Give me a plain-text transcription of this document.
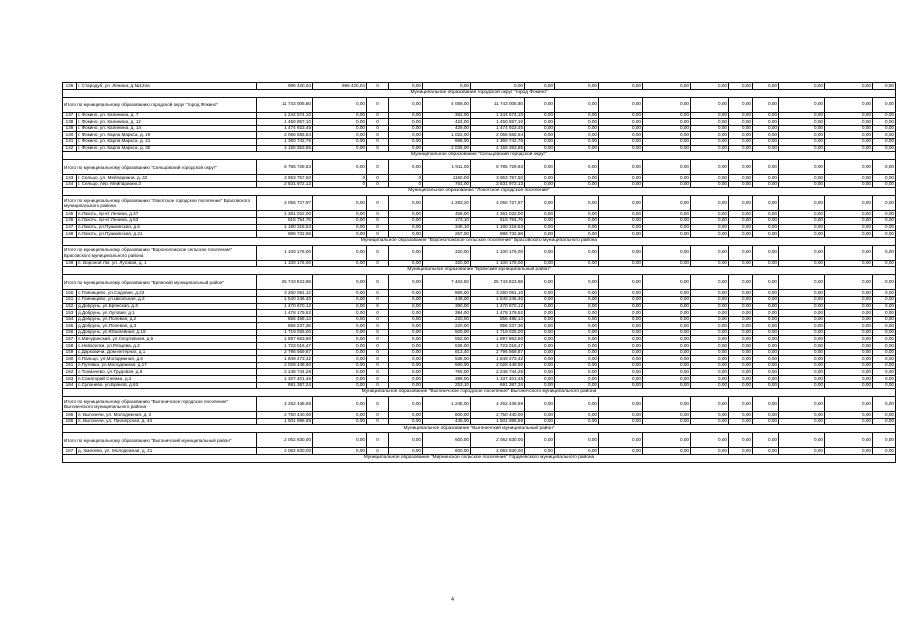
136	г. Стародуб, ул. Ленина, д.№124а	996 420,04	996 420,04	0	0,00	0,00	0,00	0,00	0,00	0,00	0,00	0,00	0,00	0,00	0,00	0,00	0,00
Муниципальное образование городской округ "город Фокино"																	
Итого по муниципальному образованию городской округ "город Фокино"		11 743 006,80	0,00	0	0,00	4 058,00	11 743 006,80	0,00	0,00	0,00	0,00	0,00	0,00	0,00	0,00	0,00	0,00
137	г. Фокино, ул. Калинина, д. 7	1 244 574,10	0,00	0	0,00	382,00	1 244 574,10	0,00	0,00	0,00	0,00	0,00	0,00	0,00	0,00	0,00	0,00
138	г. Фокино, ул. Калинина, д. 12	1 450 857,10	0,00	0	0,00	422,00	1 450 857,10	0,00	0,00	0,00	0,00	0,00	0,00	0,00	0,00	0,00	0,00
139	г. Фокино, ул. Калинина, д. 14	1 474 923,45	0,00	0	0,00	429,00	1 474 923,45	0,00	0,00	0,00	0,00	0,00	0,00	0,00	0,00	0,00	0,00
140	г. Фокино, ул. Карла Маркса, д. 19	2 056 555,54	0,00	0	0,00	1 022,00	2 056 555,54	0,00	0,00	0,00	0,00	0,00	0,00	0,00	0,00	0,00	0,00
141	г. Фокино, ул. Карла Маркса, д. 21	1 360 742,76	0,00	0	0,00	868,00	1 360 742,76	0,00	0,00	0,00	0,00	0,00	0,00	0,00	0,00	0,00	0,00
142	г. Фокино, ул. Карла Маркса, д. 30	4 155 353,85	0,00	0	0,00	2 035,00	4 155 353,85	0,00	0,00	0,00	0,00	0,00	0,00	0,00	0,00	0,00	0,00
Муниципальное образование "Сельцовский городской округ"																	
Итого по муниципальному образованию "Сельцовский городской округ"		6 785 729,63	0,00	0	0,00	1 911,00	6 785 729,63	0,00	0,00	0,00	0,00	0,00	0,00	0,00	0,00	0,00	0,00
143	г. Сельцо, ул. Мейпариани, д. 32	3 953 757,50	0	0	0	1150,00	3 953 757,50	0,00	0,00	0,00	0,00	0,00	0,00	0,00	0,00	0,00	0,00
144	г. Сельцо, пер. Мейпариани,3	2 831 972,13	0	0	0	761,00	2 831 972,13	0,00	0,00	0,00	0,00	0,00	0,00	0,00	0,00	0,00	0,00
Муниципальное образование "Локотское городское поселение"																	
Итого по муниципальному образованию "Локотское городское поселение" Брасовского муниципального района		4 055 727,97	0,00	0	0,00	1 283,20	4 055 727,97	0,00	0,00	0,00	0,00	0,00	0,00	0,00	0,00	0,00	0,00
145	п.Локоть, пр-кт Ленина, д.37	1 361 022,00	0,00	0	0,00	458,00	1 361 022,00	0,00	0,00	0,00	0,00	0,00	0,00	0,00	0,00	0,00	0,00
146	п.Локоть, пр-кт Ленина, д.53	615 754,76	0,00	0	0,00	173,10	615 754,76	0,00	0,00	0,00	0,00	0,00	0,00	0,00	0,00	0,00	0,00
147	п.Локоть, ул.Пушкинская, д.6	1 190 218,53	0,00	0	0,00	346,10	1 190 218,53	0,00	0,00	0,00	0,00	0,00	0,00	0,00	0,00	0,00	0,00
148	п.Локоть, ул.Пушкинская, д.21	888 732,68	0,00	0	0,00	267,00	888 732,68	0,00	0,00	0,00	0,00	0,00	0,00	0,00	0,00	0,00	0,00
Муниципальное образование "Вороноложское сельское поселение" Брасовского муниципального района																	
Итого по муниципальному образованию "Вороноложское сельское поселение" Брасовского муниципального района		1 100 176,00	0,00	0	0,00	320,00	1 100 176,00	0,00	0,00	0,00	0,00	0,00	0,00	0,00	0,00	0,00	0,00
149	п. Вороной Лог, ул. Луговая, д. 1	1 100 176,00	0,00	0	0,00	320,00	1 100 176,00	0,00	0,00	0,00	0,00	0,00	0,00	0,00	0,00	0,00	0,00
Муниципальное образование "Брянский муниципальный район"																	
Итого по муниципальному образованию "Брянский муниципальный район"		25 743 823,88	0,00	0	0,00	7 463,50	25 743 823,88	0,00	0,00	0,00	0,00	0,00	0,00	0,00	0,00	0,00	0,00
150	с.Глинищево, ул.Садовая, д.23	3 250 081,10	0,00	0	0,00	865,00	3 250 081,10	0,00	0,00	0,00	0,00	0,00	0,00	0,00	0,00	0,00	0,00
151	с.Глинищево, ул.Школьная, д.3	1 540 246,40	0,00	0	0,00	448,00	1 540 246,40	0,00	0,00	0,00	0,00	0,00	0,00	0,00	0,00	0,00	0,00
152	д.Добрунь, ул.Брянская, д.3	1 470 670,12	0,00	0	0,00	380,00	1 470 670,12	0,00	0,00	0,00	0,00	0,00	0,00	0,00	0,00	0,00	0,00
153	д.Добрунь, ул.Луговая, д.1	1 478 179,52	0,00	0	0,00	394,00	1 478 179,52	0,00	0,00	0,00	0,00	0,00	0,00	0,00	0,00	0,00	0,00
154	д.Добрунь, ул.Полевая, д.2	856 498,14	0,00	0	0,00	220,00	856 498,14	0,00	0,00	0,00	0,00	0,00	0,00	0,00	0,00	0,00	0,00
155	д.Добрунь, ул.Полевая, д.3	856 237,36	0,00	0	0,00	220,00	856 237,36	0,00	0,00	0,00	0,00	0,00	0,00	0,00	0,00	0,00	0,00
156	д.Добрунь, ул.Юбилейная, д.19	1 719 025,00	0,00	0	0,00	500,00	1 719 025,00	0,00	0,00	0,00	0,00	0,00	0,00	0,00	0,00	0,00	0,00
157	п.Мичуринский, ул.Спортивная, д.6	1 897 863,60	0,00	0	0,00	552,00	1 897 863,60	0,00	0,00	0,00	0,00	0,00	0,00	0,00	0,00	0,00	0,00
158	с.Новоселки, ул.Рязцева, д.3	1 723 016,47	0,00	0	0,00	536,00	1 723 016,47	0,00	0,00	0,00	0,00	0,00	0,00	0,00	0,00	0,00	0,00
159	с.Дарковичи, Дом-интернат, д.1	2 796 569,87	0,00	0	0,00	813,40	2 796 569,87	0,00	0,00	0,00	0,00	0,00	0,00	0,00	0,00	0,00	0,00
160	п.Пальцо, ул.Молодежная, д.6	1 849 273,42	0,00	0	0,00	538,00	1 849 273,42	0,00	0,00	0,00	0,00	0,00	0,00	0,00	0,00	0,00	0,00
161	п.Путевка, ул.Молодежная, д.17	2 028 449,50	0,00	0	0,00	590,00	2 028 449,50	0,00	0,00	0,00	0,00	0,00	0,00	0,00	0,00	0,00	0,00
162	с.Толмачево, ул.Трудовая, д.9	2 248 744,28	0,00	0	0,00	760,00	2 248 744,28	0,00	0,00	0,00	0,00	0,00	0,00	0,00	0,00	0,00	0,00
163	п.Санаторий Снежка, д.2	1 337 401,45	0,00	0	0,00	389,00	1 337 401,45	0,00	0,00	0,00	0,00	0,00	0,00	0,00	0,00	0,00	0,00
164	с.Супонево, ул.Брянов, д.63	691 387,24	0,00	0	0,00	253,10	691 387,24	0,00	0,00	0,00	0,00	0,00	0,00	0,00	0,00	0,00	0,00
Муниципальное образование "Выгоничское городское поселение" Выгоничского муниципального района																	
Итого по муниципальному образованию "Выгоничское городское поселение" Выгоничского муниципального района		4 252 438,69	0,00	0	0,00	1 245,00	4 252 438,69	0,00	0,00	0,00	0,00	0,00	0,00	0,00	0,00	0,00	0,00
165	п. Выгоничи, ул. Молодежная, д. 2	2 750 440,00	0,00	0	0,00	800,00	2 750 440,00	0,00	0,00	0,00	0,00	0,00	0,00	0,00	0,00	0,00	0,00
166	п. Выгоничи, ул. Пионерская, д. 44	1 501 998,69	0,00	0	0,00	445,00	1 501 998,69	0,00	0,00	0,00	0,00	0,00	0,00	0,00	0,00	0,00	0,00
Муниципальное образование "Выгоничский муниципальный район"																	
Итого по муниципальному образованию "Выгоничский муниципальный район"		2 062 830,00	0,00	0	0,00	600,00	2 062 830,00	0,00	0,00	0,00	0,00	0,00	0,00	0,00	0,00	0,00	0,00
167	д. Хмелево, ул. Молодежная, д. 41	2 062 830,00	0,00	0	0,00	600,00	2 062 830,00	0,00	0,00	0,00	0,00	0,00	0,00	0,00	0,00	0,00	0,00
Муниципальное образование "Мирнинское сельское поселение" Гордеевского муниципального района																	
4
